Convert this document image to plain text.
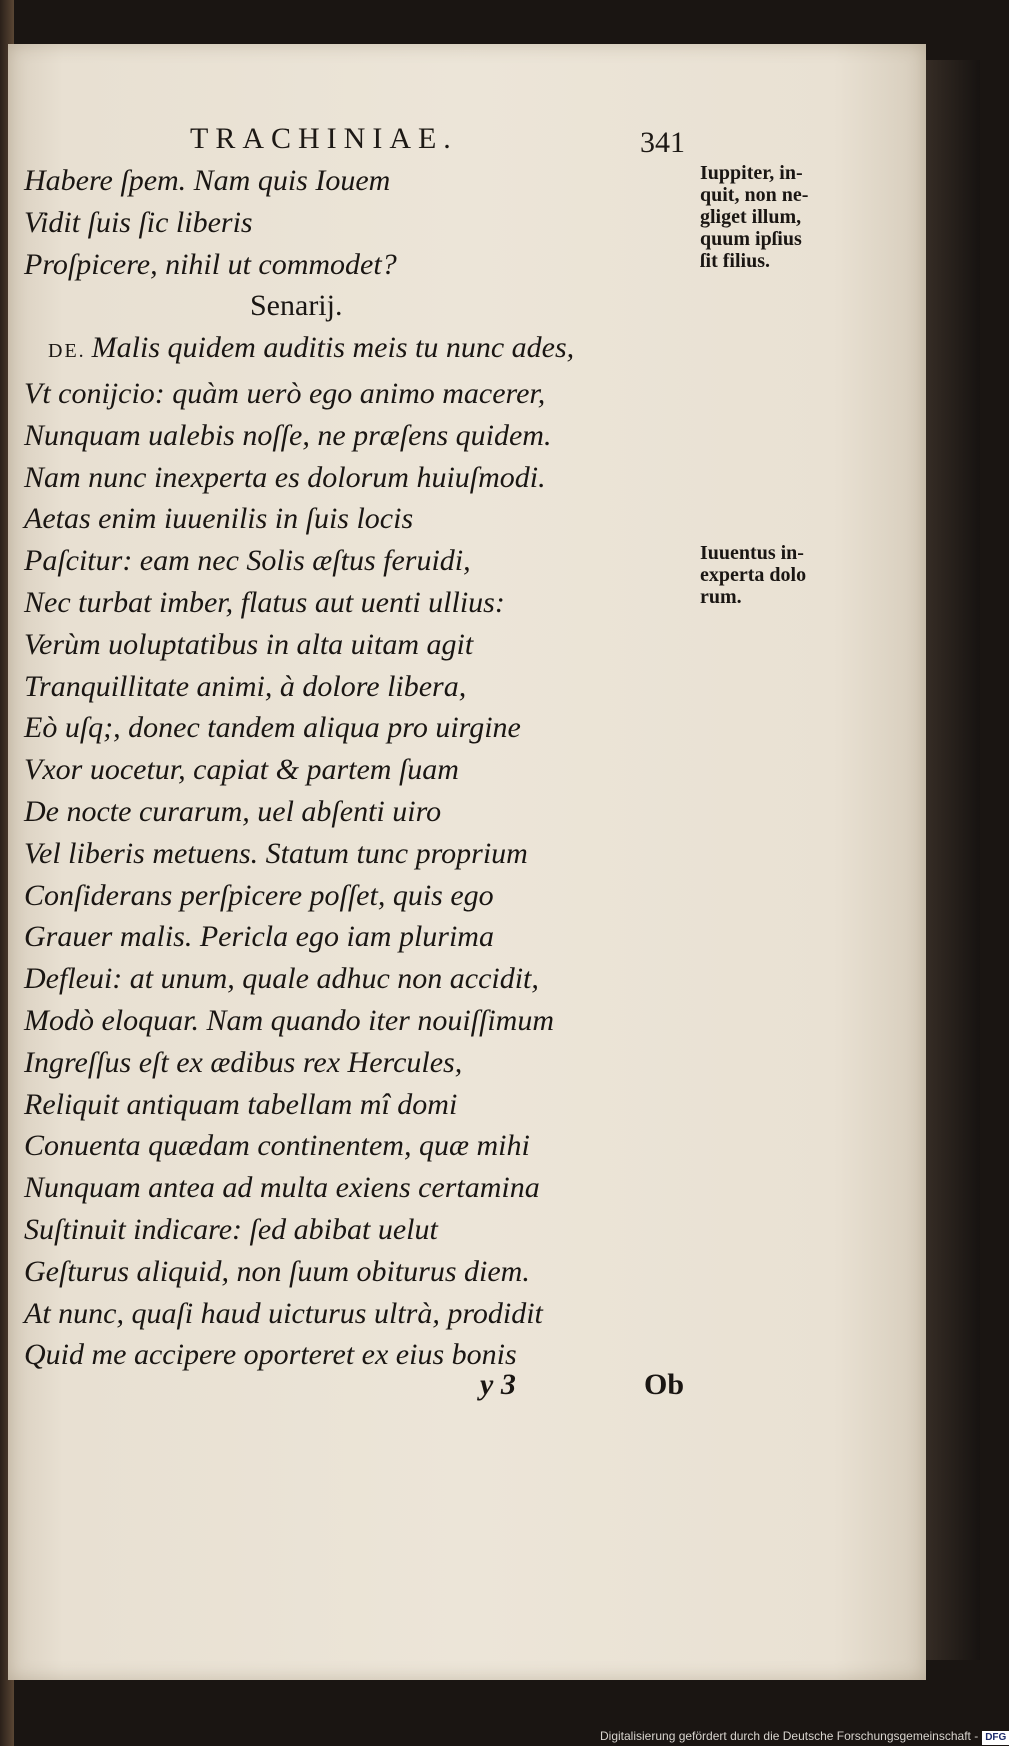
TRACHINIAE.	341
Habere ſpem. Nam quis Iouem
Vidit ſuis ſic liberis
Proſpicere, nihil ut commodet?
Senarij.
DE. Malis quidem auditis meis tu nunc ades,
Vt conijcio: quàm uerò ego animo macerer,
Nunquam ualebis noſſe, ne præſens quidem.
Nam nunc inexperta es dolorum huiuſmodi.
Aetas enim iuuenilis in ſuis locis
Paſcitur: eam nec Solis æſtus feruidi,
Nec turbat imber, flatus aut uenti ullius:
Verùm uoluptatibus in alta uitam agit
Tranquillitate animi, à dolore libera,
Eò uſq;, donec tandem aliqua pro uirgine
Vxor uocetur, capiat & partem ſuam
De nocte curarum, uel abſenti uiro
Vel liberis metuens. Statum tunc proprium
Conſiderans perſpicere poſſet, quis ego
Grauer malis. Pericla ego iam plurima
Defleui: at unum, quale adhuc non accidit,
Modò eloquar. Nam quando iter nouiſſimum
Ingreſſus eſt ex ædibus rex Hercules,
Reliquit antiquam tabellam mî domi
Conuenta quædam continentem, quæ mihi
Nunquam antea ad multa exiens certamina
Suſtinuit indicare: ſed abibat uelut
Geſturus aliquid, non ſuum obiturus diem.
At nunc, quaſi haud uicturus ultrà, prodidit
Quid me accipere oporteret ex eius bonis
Iuppiter, in-
quit, non ne-
gliget illum,
quum ipſius
ſit filius.
Iuuentus in-
experta dolo
rum.
y 3	Ob
Digitalisierung gefördert durch die Deutsche Forschungsgemeinschaft - DFG
